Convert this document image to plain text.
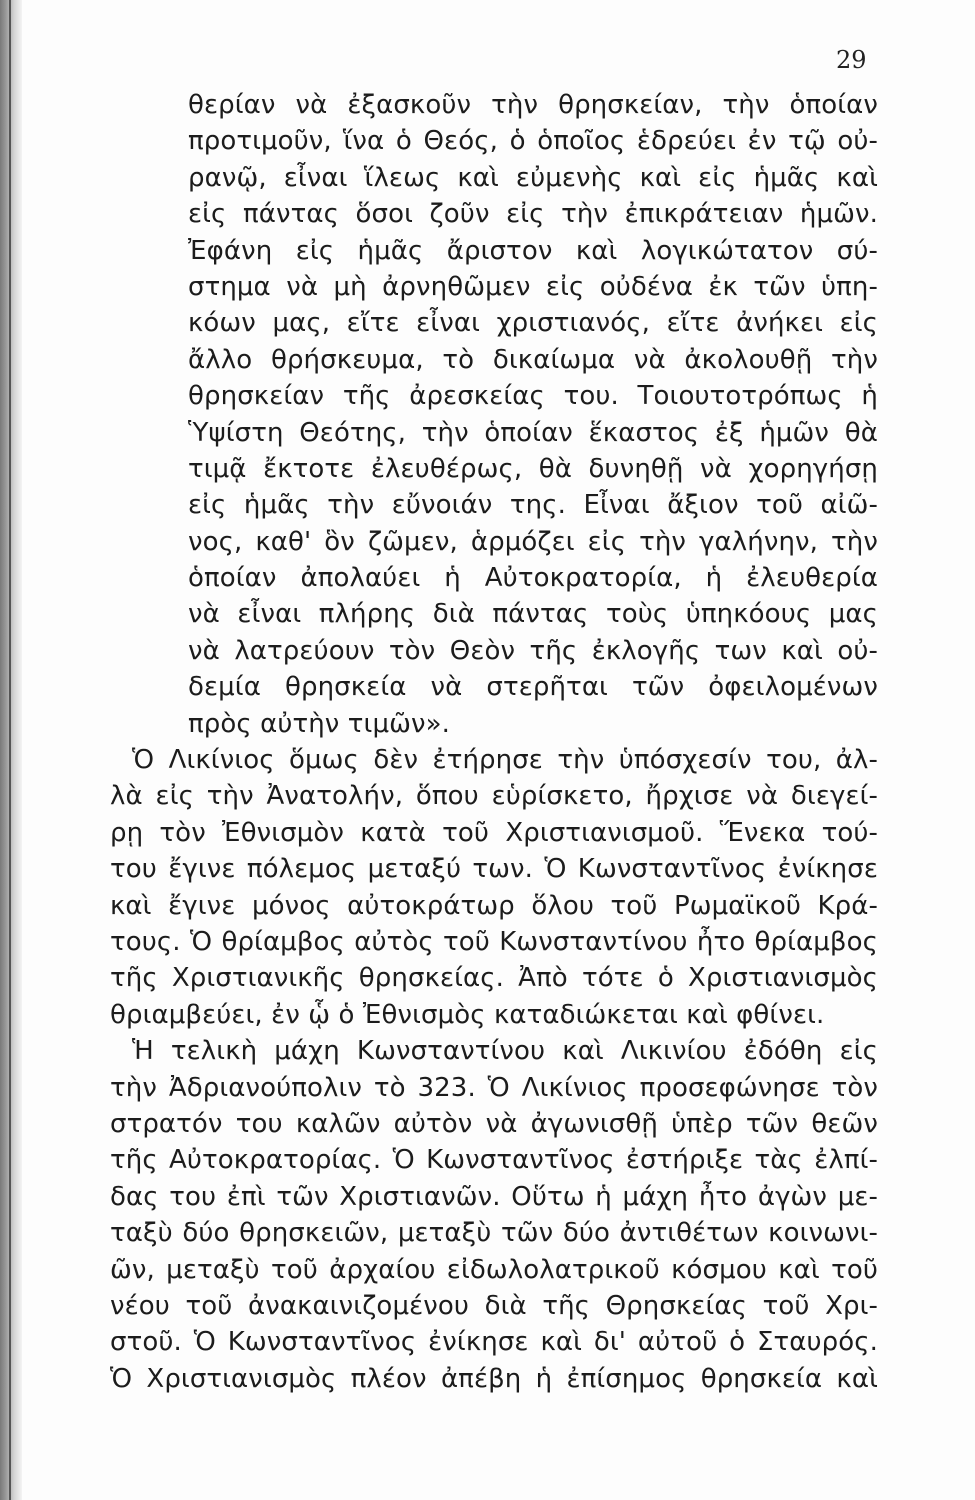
29
θερίαν νὰ ἐξασκοῦν τὴν θρησκείαν, τὴν ὁποίαν
προτιμοῦν, ἵνα ὁ Θεός, ὁ ὁποῖος ἑδρεύει ἐν τῷ οὐ-
ρανῷ, εἶναι ἵλεως καὶ εὐμενὴς καὶ εἰς ἡμᾶς καὶ
εἰς πάντας ὅσοι ζοῦν εἰς τὴν ἐπικράτειαν ἡμῶν.
Ἐφάνη εἰς ἡμᾶς ἄριστον καὶ λογικώτατον σύ-
στημα νὰ μὴ ἀρνηθῶμεν εἰς οὐδένα ἐκ τῶν ὑπη-
κόων μας, εἴτε εἶναι χριστιανός, εἴτε ἀνήκει εἰς
ἄλλο θρήσκευμα, τὸ δικαίωμα νὰ ἀκολουθῇ τὴν
θρησκείαν τῆς ἀρεσκείας του. Τοιουτοτρόπως ἡ
Ὑψίστη Θεότης, τὴν ὁποίαν ἕκαστος ἐξ ἡμῶν θὰ
τιμᾷ ἔκτοτε ἐλευθέρως, θὰ δυνηθῇ νὰ χορηγήσῃ
εἰς ἡμᾶς τὴν εὔνοιάν της. Εἶναι ἄξιον τοῦ αἰῶ-
νος, καθ' ὃν ζῶμεν, ἁρμόζει εἰς τὴν γαλήνην, τὴν
ὁποίαν ἀπολαύει ἡ Αὐτοκρατορία, ἡ ἐλευθερία
νὰ εἶναι πλήρης διὰ πάντας τοὺς ὑπηκόους μας
νὰ λατρεύουν τὸν Θεὸν τῆς ἐκλογῆς των καὶ οὐ-
δεμία θρησκεία νὰ στερῆται τῶν ὀφειλομένων
πρὸς αὐτὴν τιμῶν».
Ὁ Λικίνιος ὅμως δὲν ἐτήρησε τὴν ὑπόσχεσίν του, ἀλ-
λὰ εἰς τὴν Ἀνατολήν, ὅπου εὑρίσκετο, ἤρχισε νὰ διεγεί-
ρῃ τὸν Ἐθνισμὸν κατὰ τοῦ Χριστιανισμοῦ. Ἕνεκα τού-
του ἔγινε πόλεμος μεταξύ των. Ὁ Κωνσταντῖνος ἐνίκησε
καὶ ἔγινε μόνος αὐτοκράτωρ ὅλου τοῦ Ρωμαϊκοῦ Κρά-
τους. Ὁ θρίαμβος αὐτὸς τοῦ Κωνσταντίνου ἦτο θρίαμβος
τῆς Χριστιανικῆς θρησκείας. Ἀπὸ τότε ὁ Χριστιανισμὸς
θριαμβεύει, ἐν ᾧ ὁ Ἐθνισμὸς καταδιώκεται καὶ φθίνει.
Ἡ τελικὴ μάχη Κωνσταντίνου καὶ Λικινίου ἐδόθη εἰς
τὴν Ἀδριανούπολιν τὸ 323. Ὁ Λικίνιος προσεφώνησε τὸν
στρατόν του καλῶν αὐτὸν νὰ ἀγωνισθῇ ὑπὲρ τῶν θεῶν
τῆς Αὐτοκρατορίας. Ὁ Κωνσταντῖνος ἐστήριξε τὰς ἐλπί-
δας του ἐπὶ τῶν Χριστιανῶν. Οὕτω ἡ μάχη ἦτο ἀγὼν με-
ταξὺ δύο θρησκειῶν, μεταξὺ τῶν δύο ἀντιθέτων κοινωνι-
ῶν, μεταξὺ τοῦ ἀρχαίου εἰδωλολατρικοῦ κόσμου καὶ τοῦ
νέου τοῦ ἀνακαινιζομένου διὰ τῆς Θρησκείας τοῦ Χρι-
στοῦ. Ὁ Κωνσταντῖνος ἐνίκησε καὶ δι' αὐτοῦ ὁ Σταυρός.
Ὁ Χριστιανισμὸς πλέον ἀπέβη ἡ ἐπίσημος θρησκεία καὶ
